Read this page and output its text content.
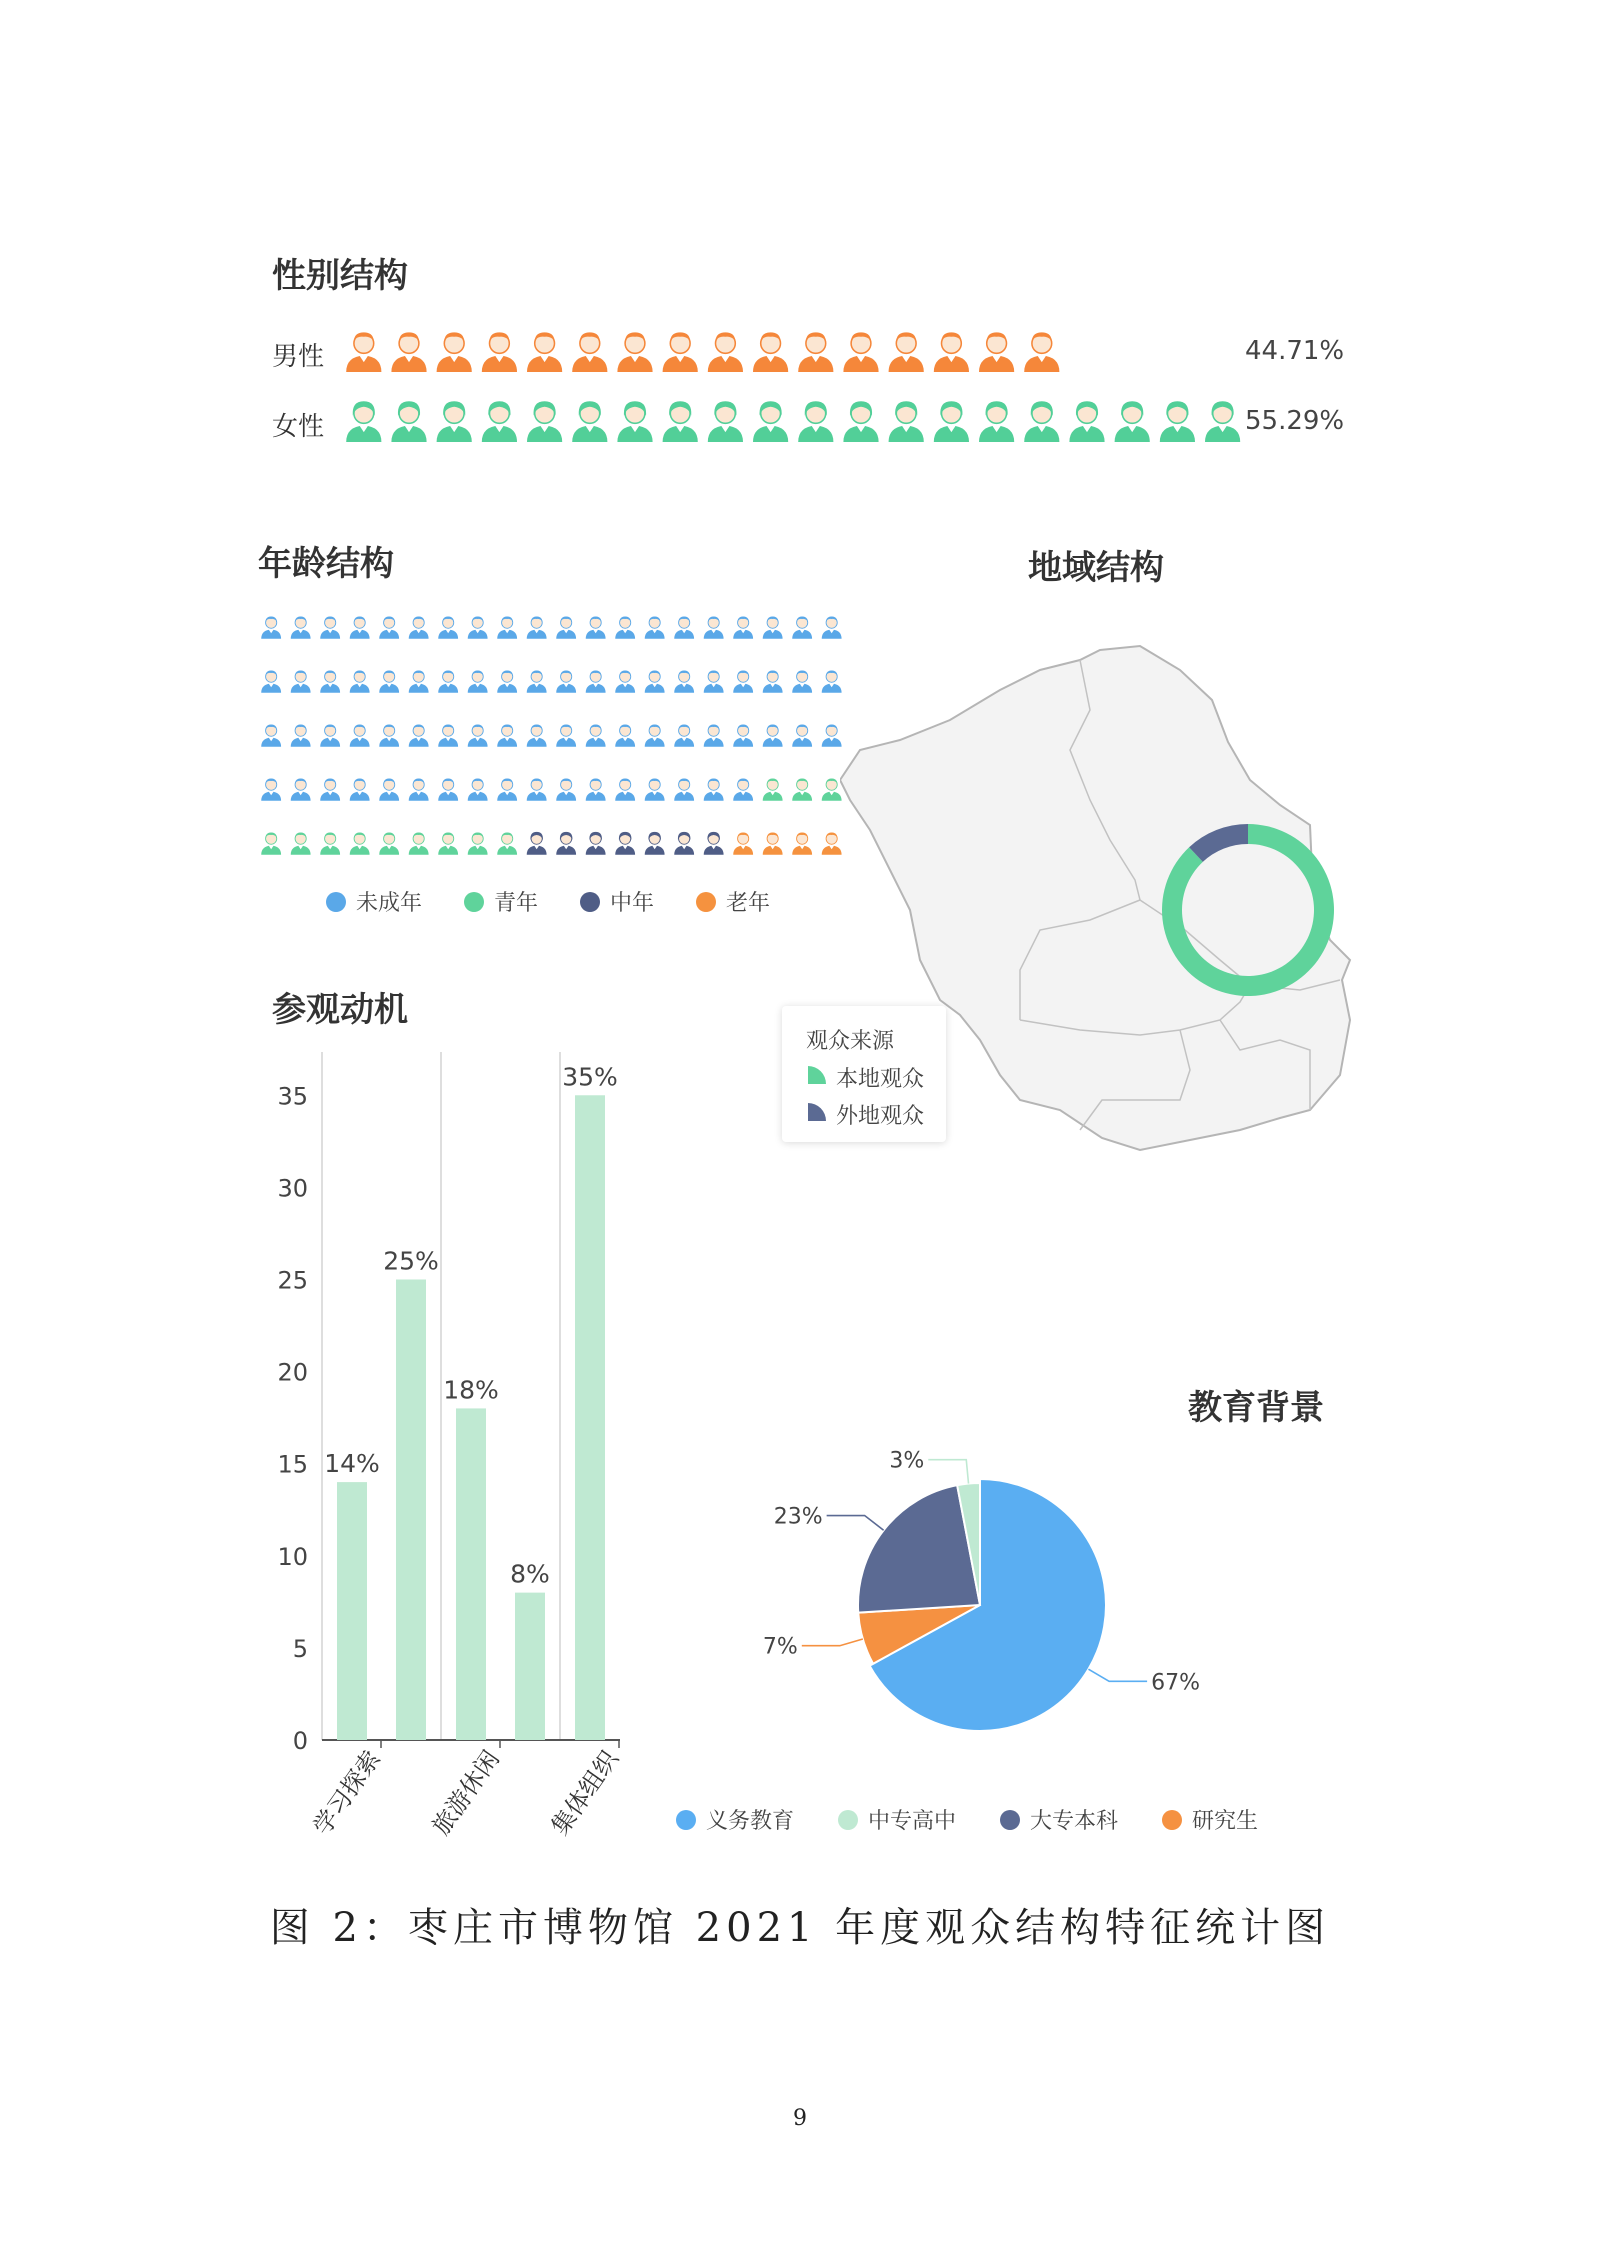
性别结构
男性	44.71%
女性	55.29%
年龄结构
未成年	青年	中年	老年
地域结构
观众来源
本地观众
外地观众
参观动机
0
5
10
15
20
25
30
35
14%
25%
18%
8%
35%
学习探索 旅游休闲 集体组织
教育背景
67%
7%
23%
3%
义务教育	中专高中	大专本科	研究生
图 2：枣庄市博物馆 2021 年度观众结构特征统计图
9
